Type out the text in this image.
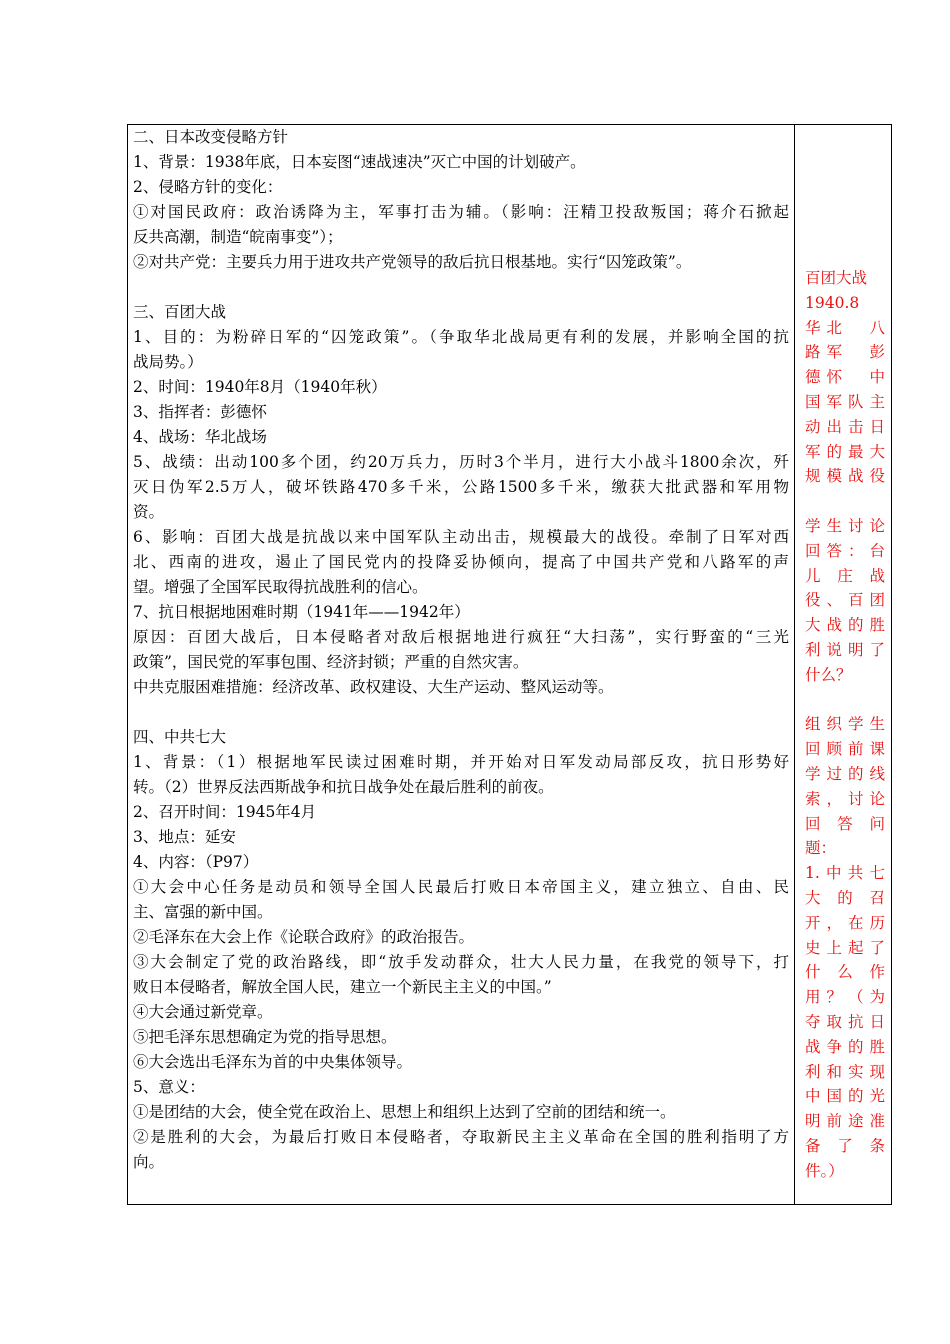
二、日本改变侵略方针
1、背景：1938年底，日本妄图“速战速决”灭亡中国的计划破产。
2、侵略方针的变化：
①对国民政府：政治诱降为主，军事打击为辅。（影响：汪精卫投敌叛国；蒋介石掀起
反共高潮，制造“皖南事变”）；
②对共产党：主要兵力用于进攻共产党领导的敌后抗日根基地。实行“囚笼政策”。
三、百团大战
1、目的：为粉碎日军的“囚笼政策”。（争取华北战局更有利的发展，并影响全国的抗
战局势。）
2、时间：1940年8月（1940年秋）
3、指挥者：彭德怀
4、战场：华北战场
5、战绩：出动100多个团，约20万兵力，历时3个半月，进行大小战斗1800余次，歼
灭日伪军2.5万人，破坏铁路470多千米，公路1500多千米，缴获大批武器和军用物
资。
6、影响：百团大战是抗战以来中国军队主动出击，规模最大的战役。牵制了日军对西
北、西南的进攻，遏止了国民党内的投降妥协倾向，提高了中国共产党和八路军的声
望。增强了全国军民取得抗战胜利的信心。
7、抗日根据地困难时期（1941年——1942年）
原因：百团大战后，日本侵略者对敌后根据地进行疯狂“大扫荡”，实行野蛮的“三光
政策”，国民党的军事包围、经济封锁；严重的自然灾害。
中共克服困难措施：经济改革、政权建设、大生产运动、整风运动等。
四、中共七大
1、背景：（1）根据地军民读过困难时期，并开始对日军发动局部反攻，抗日形势好
转。（2）世界反法西斯战争和抗日战争处在最后胜利的前夜。
2、召开时间：1945年4月
3、地点：延安
4、内容：（P97）
①大会中心任务是动员和领导全国人民最后打败日本帝国主义，建立独立、自由、民
主、富强的新中国。
②毛泽东在大会上作《论联合政府》的政治报告。
③大会制定了党的政治路线，即“放手发动群众，壮大人民力量，在我党的领导下，打
败日本侵略者，解放全国人民，建立一个新民主主义的中国。”
④大会通过新党章。
⑤把毛泽东思想确定为党的指导思想。
⑥大会选出毛泽东为首的中央集体领导。
5、意义：
①是团结的大会，使全党在政治上、思想上和组织上达到了空前的团结和统一。
②是胜利的大会，为最后打败日本侵略者，夺取新民主主义革命在全国的胜利指明了方
向。
百团大战
1940.8
华北　八
路军　彭
德怀　中
国军队主
动出击日
军的最大
规模战役
学生讨论
回答：台
儿庄战
役、百团
大战的胜
利说明了
什么？
组织学生
回顾前课
学过的线
索，讨论
回答问
题：
1.中共七
大的召
开，在历
史上起了
什么作
用？（为
夺取抗日
战争的胜
利和实现
中国的光
明前途准
备了条
件。）
